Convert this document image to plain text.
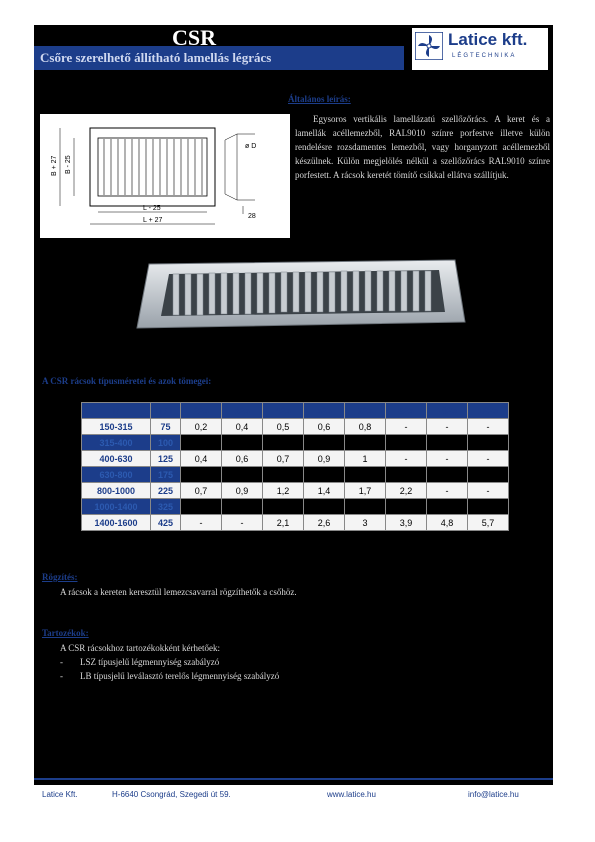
CSR
Csőre szerelhető állítható lamellás légrács
Latice kft.
LÉGTECHNIKA
Általános leírás:
Egysoros vertikális lamellázatú szellőzőrács. A keret és a lamellák acéllemezből, RAL9010 színre porfestve illetve külön rendelésre rozsdamentes lemezből, vagy horganyzott acéllemezből készülnek. Külön megjelölés nélkül a szellőzőrács RAL9010 színre porfestett. A rácsok keretét tömítő csíkkal ellátva szállítjuk.
B + 27 B - 25
L - 25
L + 27
ø D
28
A CSR rácsok típusméretei és azok tömegei:
D	B / L	225	325	425	525	625	825	1025	1225
150-315	75	0,2	0,4	0,5	0,6	0,8	-	-	-
315-400	100								
400-630	125	0,4	0,6	0,7	0,9	1	-	-	-
630-800	175								
800-1000	225	0,7	0,9	1,2	1,4	1,7	2,2	-	-
1000-1400	325								
1400-1600	425	-	-	2,1	2,6	3	3,9	4,8	5,7
Rögzítés:
A rácsok a kereten keresztül lemezcsavarral rögzíthetők a csőhöz.
Tartozékok:
A CSR rácsokhoz tartozékokként kérhetőek:
- LSZ típusjelű légmennyiség szabályzó
- LB típusjelű leválasztó terelős légmennyiség szabályzó
Latice Kft.	H-6640 Csongrád, Szegedi út 59.	www.latice.hu	info@latice.hu
